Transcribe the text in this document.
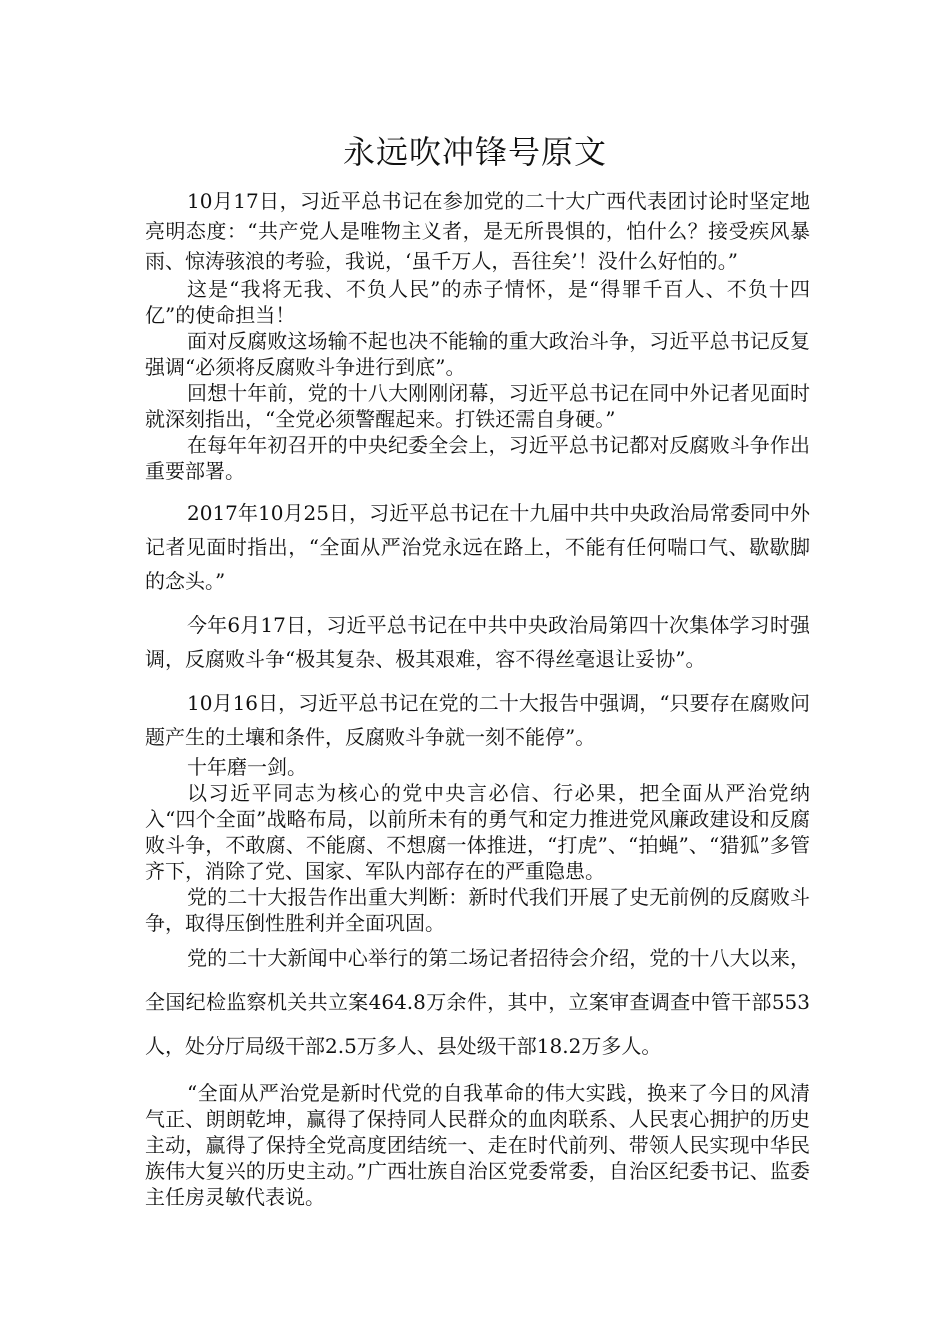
永远吹冲锋号原文

10月17日，习近平总书记在参加党的二十大广西代表团讨论时坚定地亮明态度：“共产党人是唯物主义者，是无所畏惧的，怕什么？接受疾风暴雨、惊涛骇浪的考验，我说，‘虽千万人，吾往矣’！没什么好怕的。”

这是“我将无我、不负人民”的赤子情怀，是“得罪千百人、不负十四亿”的使命担当！

面对反腐败这场输不起也决不能输的重大政治斗争，习近平总书记反复强调“必须将反腐败斗争进行到底”。

回想十年前，党的十八大刚刚闭幕，习近平总书记在同中外记者见面时就深刻指出，“全党必须警醒起来。打铁还需自身硬。”

在每年年初召开的中央纪委全会上，习近平总书记都对反腐败斗争作出重要部署。

2017年10月25日，习近平总书记在十九届中共中央政治局常委同中外记者见面时指出，“全面从严治党永远在路上，不能有任何喘口气、歇歇脚的念头。”

今年6月17日，习近平总书记在中共中央政治局第四十次集体学习时强调，反腐败斗争“极其复杂、极其艰难，容不得丝毫退让妥协”。

10月16日，习近平总书记在党的二十大报告中强调，“只要存在腐败问题产生的土壤和条件，反腐败斗争就一刻不能停”。

十年磨一剑。

以习近平同志为核心的党中央言必信、行必果，把全面从严治党纳入“四个全面”战略布局，以前所未有的勇气和定力推进党风廉政建设和反腐败斗争，不敢腐、不能腐、不想腐一体推进，“打虎”、“拍蝇”、“猎狐”多管齐下，消除了党、国家、军队内部存在的严重隐患。

党的二十大报告作出重大判断：新时代我们开展了史无前例的反腐败斗争，取得压倒性胜利并全面巩固。

党的二十大新闻中心举行的第二场记者招待会介绍，党的十八大以来，全国纪检监察机关共立案464.8万余件，其中，立案审查调查中管干部553人，处分厅局级干部2.5万多人、县处级干部18.2万多人。

“全面从严治党是新时代党的自我革命的伟大实践，换来了今日的风清气正、朗朗乾坤，赢得了保持同人民群众的血肉联系、人民衷心拥护的历史主动，赢得了保持全党高度团结统一、走在时代前列、带领人民实现中华民族伟大复兴的历史主动。”广西壮族自治区党委常委，自治区纪委书记、监委主任房灵敏代表说。
